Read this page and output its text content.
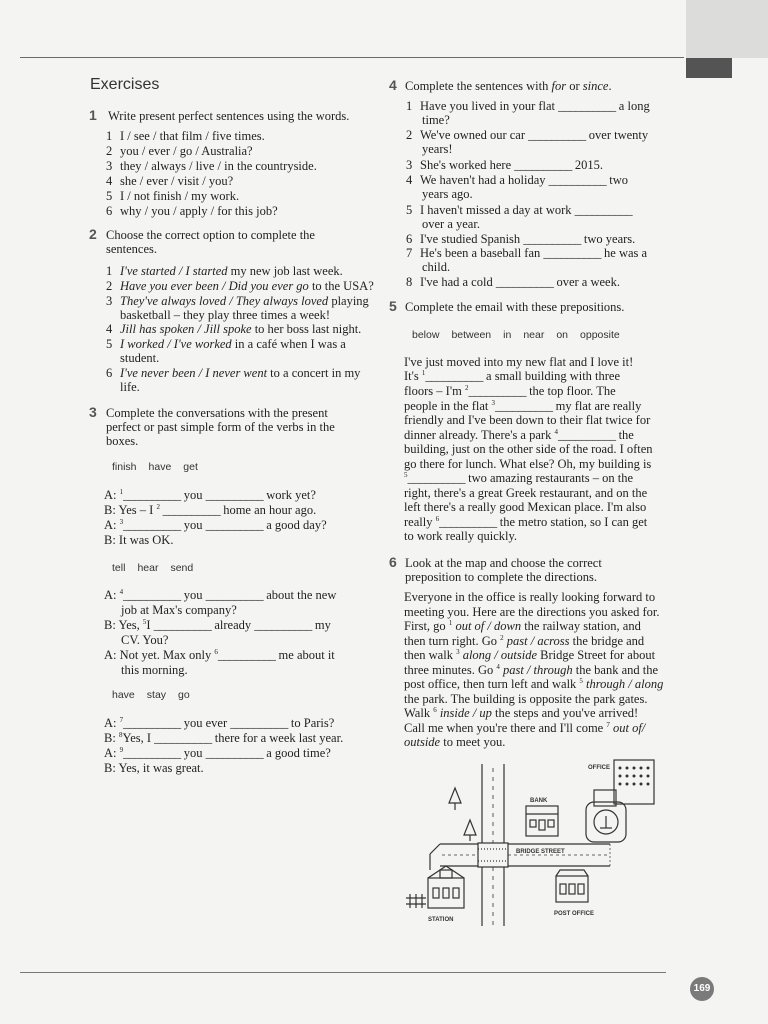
169
Exercises
1 Write present perfect sentences using the words.
1 I / see / that film / five times.
2 you / ever / go / Australia?
3 they / always / live / in the countryside.
4 she / ever / visit / you?
5 I / not finish / my work.
6 why / you / apply / for this job?
2 Choose the correct option to complete the
sentences.
1 I've started / I started my new job last week.
2 Have you ever been / Did you ever go to the USA?
3 They've always loved / They always loved playing
basketball – they play three times a week!
4 Jill has spoken / Jill spoke to her boss last night.
5 I worked / I've worked in a café when I was a
student.
6 I've never been / I never went to a concert in my
life.
3 Complete the conversations with the present
perfect or past simple form of the verbs in the
boxes.
finish have get
A: $^1$__________ you __________ work yet?
B: Yes – I $^2$ __________ home an hour ago.
A: $^3$__________ you __________ a good day?
B: It was OK.
tell hear send
A: $^4$__________ you __________ about the new
job at Max's company?
B: Yes, $^5$I __________ already __________ my
CV. You?
A: Not yet. Max only $^6$__________ me about it
this morning.
have stay go
A: $^7$__________ you ever __________ to Paris?
B: $^8$Yes, I __________ there for a week last year.
A: $^9$__________ you __________ a good time?
B: Yes, it was great.
4 Complete the sentences with for or since.
1 Have you lived in your flat __________ a long
time?
2 We've owned our car __________ over twenty
years!
3 She's worked here __________ 2015.
4 We haven't had a holiday __________ two
years ago.
5 I haven't missed a day at work __________
over a year.
6 I've studied Spanish __________ two years.
7 He's been a baseball fan __________ he was a
child.
8 I've had a cold __________ over a week.
5 Complete the email with these prepositions.
below between in near on opposite
I've just moved into my new flat and I love it!
It's $^1$__________ a small building with three
floors – I'm $^2$__________ the top floor. The
people in the flat $^3$__________ my flat are really
friendly and I've been down to their flat twice for
dinner already. There's a park $^4$__________ the
building, just on the other side of the road. I often
go there for lunch. What else? Oh, my building is
$^5$__________ two amazing restaurants – on the
right, there's a great Greek restaurant, and on the
left there's a really good Mexican place. I'm also
really $^6$__________ the metro station, so I can get
to work really quickly.
6 Look at the map and choose the correct
preposition to complete the directions.
Everyone in the office is really looking forward to
meeting you. Here are the directions you asked for.
First, go $^1$ out of / down the railway station, and
then turn right. Go $^2$ past / across the bridge and
then walk $^3$ along / outside Bridge Street for about
three minutes. Go $^4$ past / through the bank and the
post office, then turn left and walk $^5$ through / along
the park. The building is opposite the park gates.
Walk $^6$ inside / up the steps and you've arrived!
Call me when you're there and I'll come $^7$ out of/
outside to meet you.
OFFICE
BANK
BRIDGE STREET
STATION
POST OFFICE
